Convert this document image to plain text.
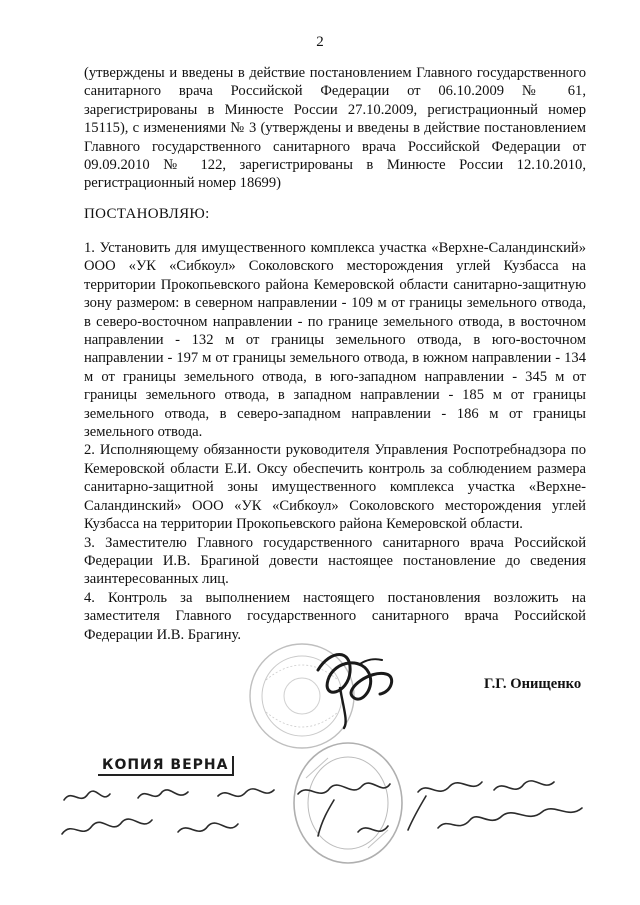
2
(утверждены и введены в действие постановлением Главного государственного санитарного врача Российской Федерации от 06.10.2009 № 61, зарегистрированы в Минюсте России 27.10.2009, регистрационный номер 15115), с изменениями № 3 (утверждены и введены в действие постановлением Главного государственного санитарного врача Российской Федерации от 09.09.2010 № 122, зарегистрированы в Минюсте России 12.10.2010, регистрационный номер 18699)
ПОСТАНОВЛЯЮ:

1. Установить для имущественного комплекса участка «Верхне-Саландинский» ООО «УК «Сибкоул» Соколовского месторождения углей Кузбасса на территории Прокопьевского района Кемеровской области санитарно-защитную зону размером: в северном направлении - 109 м от границы земельного отвода, в северо-восточном направлении - по границе земельного отвода, в восточном направлении - 132 м от границы земельного отвода, в юго-восточном направлении - 197 м от границы земельного отвода, в южном направлении - 134 м от границы земельного отвода, в юго-западном направлении - 345 м от границы земельного отвода, в западном направлении - 185 м от границы земельного отвода, в северо-западном направлении - 186 м от границы земельного отвода.

2. Исполняющему обязанности руководителя Управления Роспотребнадзора по Кемеровской области Е.И. Оксу обеспечить контроль за соблюдением размера санитарно-защитной зоны имущественного комплекса участка «Верхне-Саландинский» ООО «УК «Сибкоул» Соколовского месторождения углей Кузбасса на территории Прокопьевского района Кемеровской области.

3. Заместителю Главного государственного санитарного врача Российской Федерации И.В. Брагиной довести настоящее постановление до сведения заинтересованных лиц.

4. Контроль за выполнением настоящего постановления возложить на заместителя Главного государственного санитарного врача Российской Федерации И.В. Брагину.

Г.Г. Онищенко
КОПИЯ ВЕРНА
